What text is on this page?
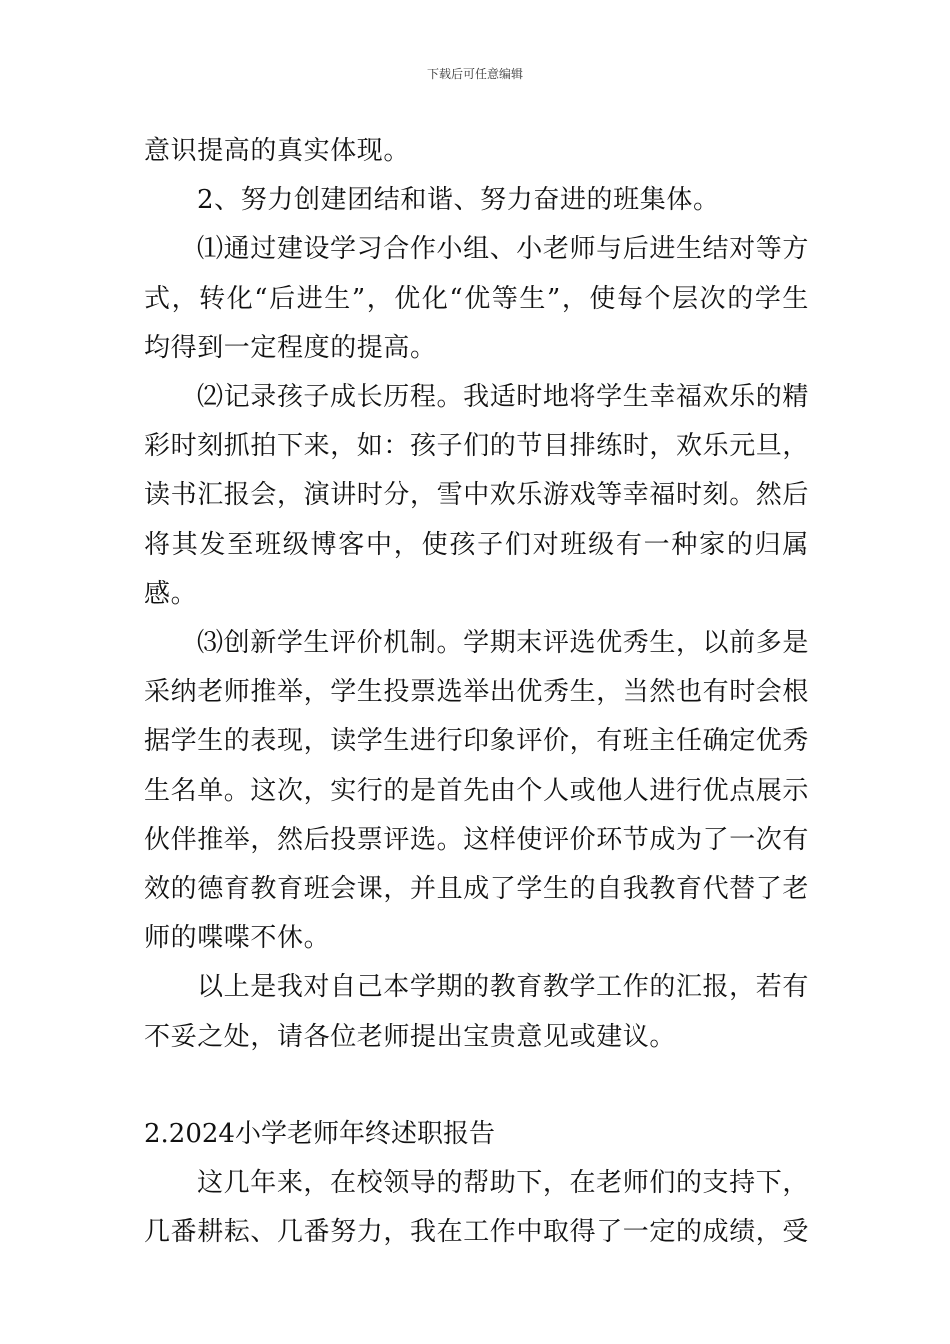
下载后可任意编辑

意识提高的真实体现。

2、努力创建团结和谐、努力奋进的班集体。

⑴通过建设学习合作小组、小老师与后进生结对等方式，转化“后进生”，优化“优等生”，使每个层次的学生均得到一定程度的提高。

⑵记录孩子成长历程。我适时地将学生幸福欢乐的精彩时刻抓拍下来，如：孩子们的节目排练时，欢乐元旦，读书汇报会，演讲时分，雪中欢乐游戏等幸福时刻。然后将其发至班级博客中，使孩子们对班级有一种家的归属感。

⑶创新学生评价机制。学期末评选优秀生，以前多是采纳老师推举，学生投票选举出优秀生，当然也有时会根据学生的表现，读学生进行印象评价，有班主任确定优秀生名单。这次，实行的是首先由个人或他人进行优点展示伙伴推举，然后投票评选。这样使评价环节成为了一次有效的德育教育班会课，并且成了学生的自我教育代替了老师的喋喋不休。

以上是我对自己本学期的教育教学工作的汇报，若有不妥之处，请各位老师提出宝贵意见或建议。

2.2024小学老师年终述职报告

这几年来，在校领导的帮助下，在老师们的支持下，几番耕耘、几番努力，我在工作中取得了一定的成绩，受
